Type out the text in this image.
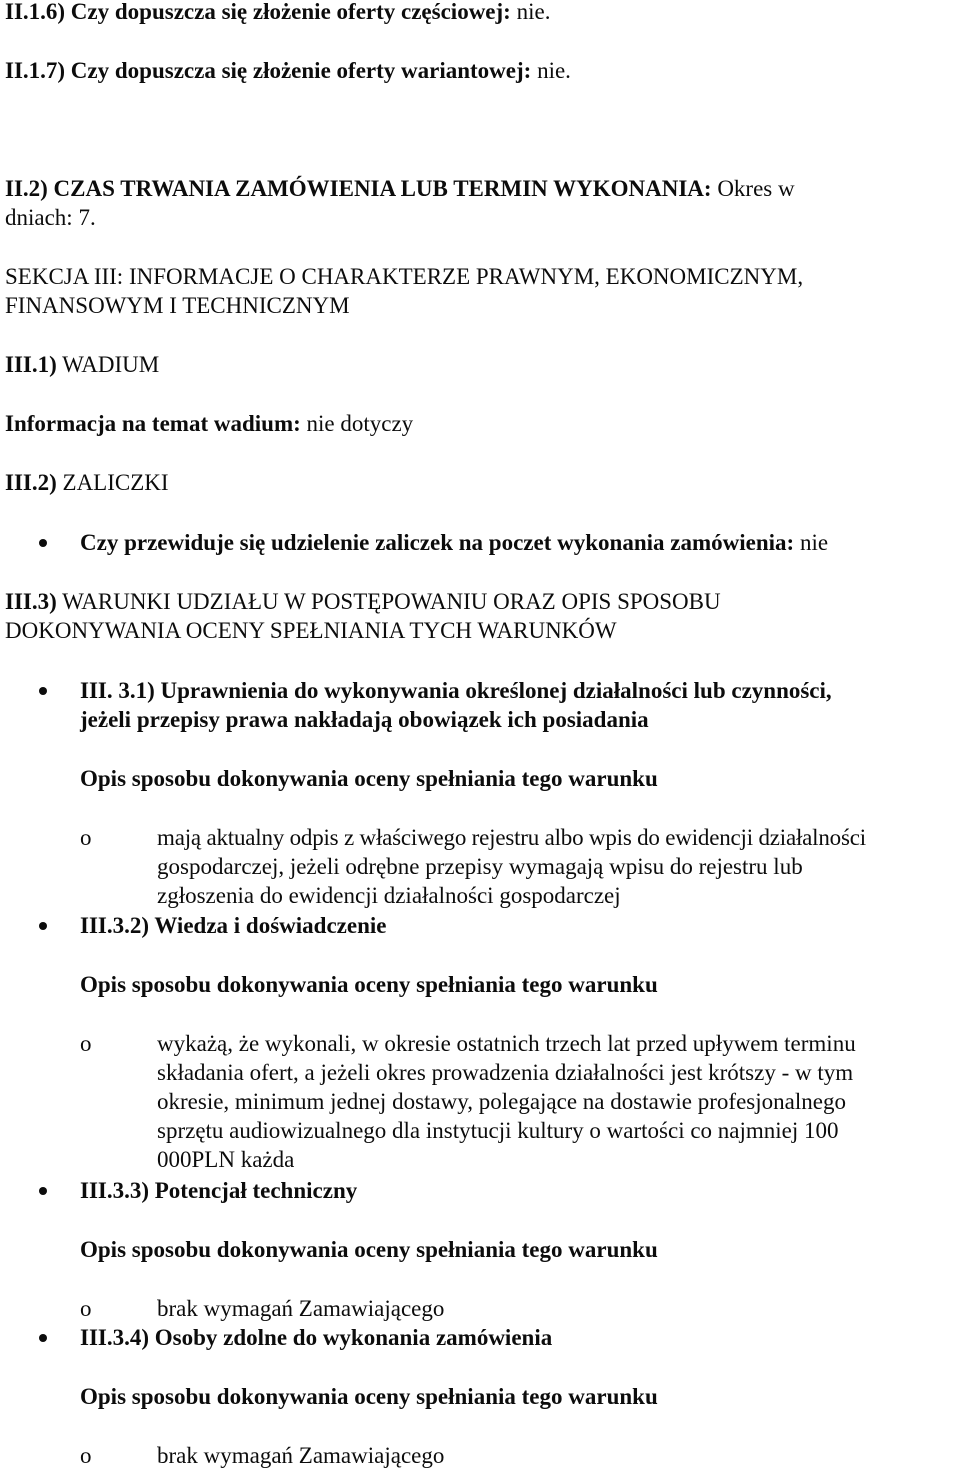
II.1.6) Czy dopuszcza się złożenie oferty częściowej: nie.

II.1.7) Czy dopuszcza się złożenie oferty wariantowej: nie.

II.2) CZAS TRWANIA ZAMÓWIENIA LUB TERMIN WYKONANIA: Okres w

dniach: 7.

SEKCJA III: INFORMACJE O CHARAKTERZE PRAWNYM, EKONOMICZNYM,

FINANSOWYM I TECHNICZNYM

III.1) WADIUM

Informacja na temat wadium: nie dotyczy

III.2) ZALICZKI

Czy przewiduje się udzielenie zaliczek na poczet wykonania zamówienia: nie

III.3) WARUNKI UDZIAŁU W POSTĘPOWANIU ORAZ OPIS SPOSOBU

DOKONYWANIA OCENY SPEŁNIANIA TYCH WARUNKÓW

III. 3.1) Uprawnienia do wykonywania określonej działalności lub czynności,

jeżeli przepisy prawa nakładają obowiązek ich posiadania

Opis sposobu dokonywania oceny spełniania tego warunku

o	mają aktualny odpis z właściwego rejestru albo wpis do ewidencji działalności

gospodarczej, jeżeli odrębne przepisy wymagają wpisu do rejestru lub

zgłoszenia do ewidencji działalności gospodarczej

III.3.2) Wiedza i doświadczenie

Opis sposobu dokonywania oceny spełniania tego warunku

o	wykażą, że wykonali, w okresie ostatnich trzech lat przed upływem terminu

składania ofert, a jeżeli okres prowadzenia działalności jest krótszy - w tym

okresie, minimum jednej dostawy, polegające na dostawie profesjonalnego

sprzętu audiowizualnego dla instytucji kultury o wartości co najmniej 100

000PLN każda

III.3.3) Potencjał techniczny

Opis sposobu dokonywania oceny spełniania tego warunku

o	brak wymagań Zamawiającego

III.3.4) Osoby zdolne do wykonania zamówienia

Opis sposobu dokonywania oceny spełniania tego warunku

o	brak wymagań Zamawiającego
